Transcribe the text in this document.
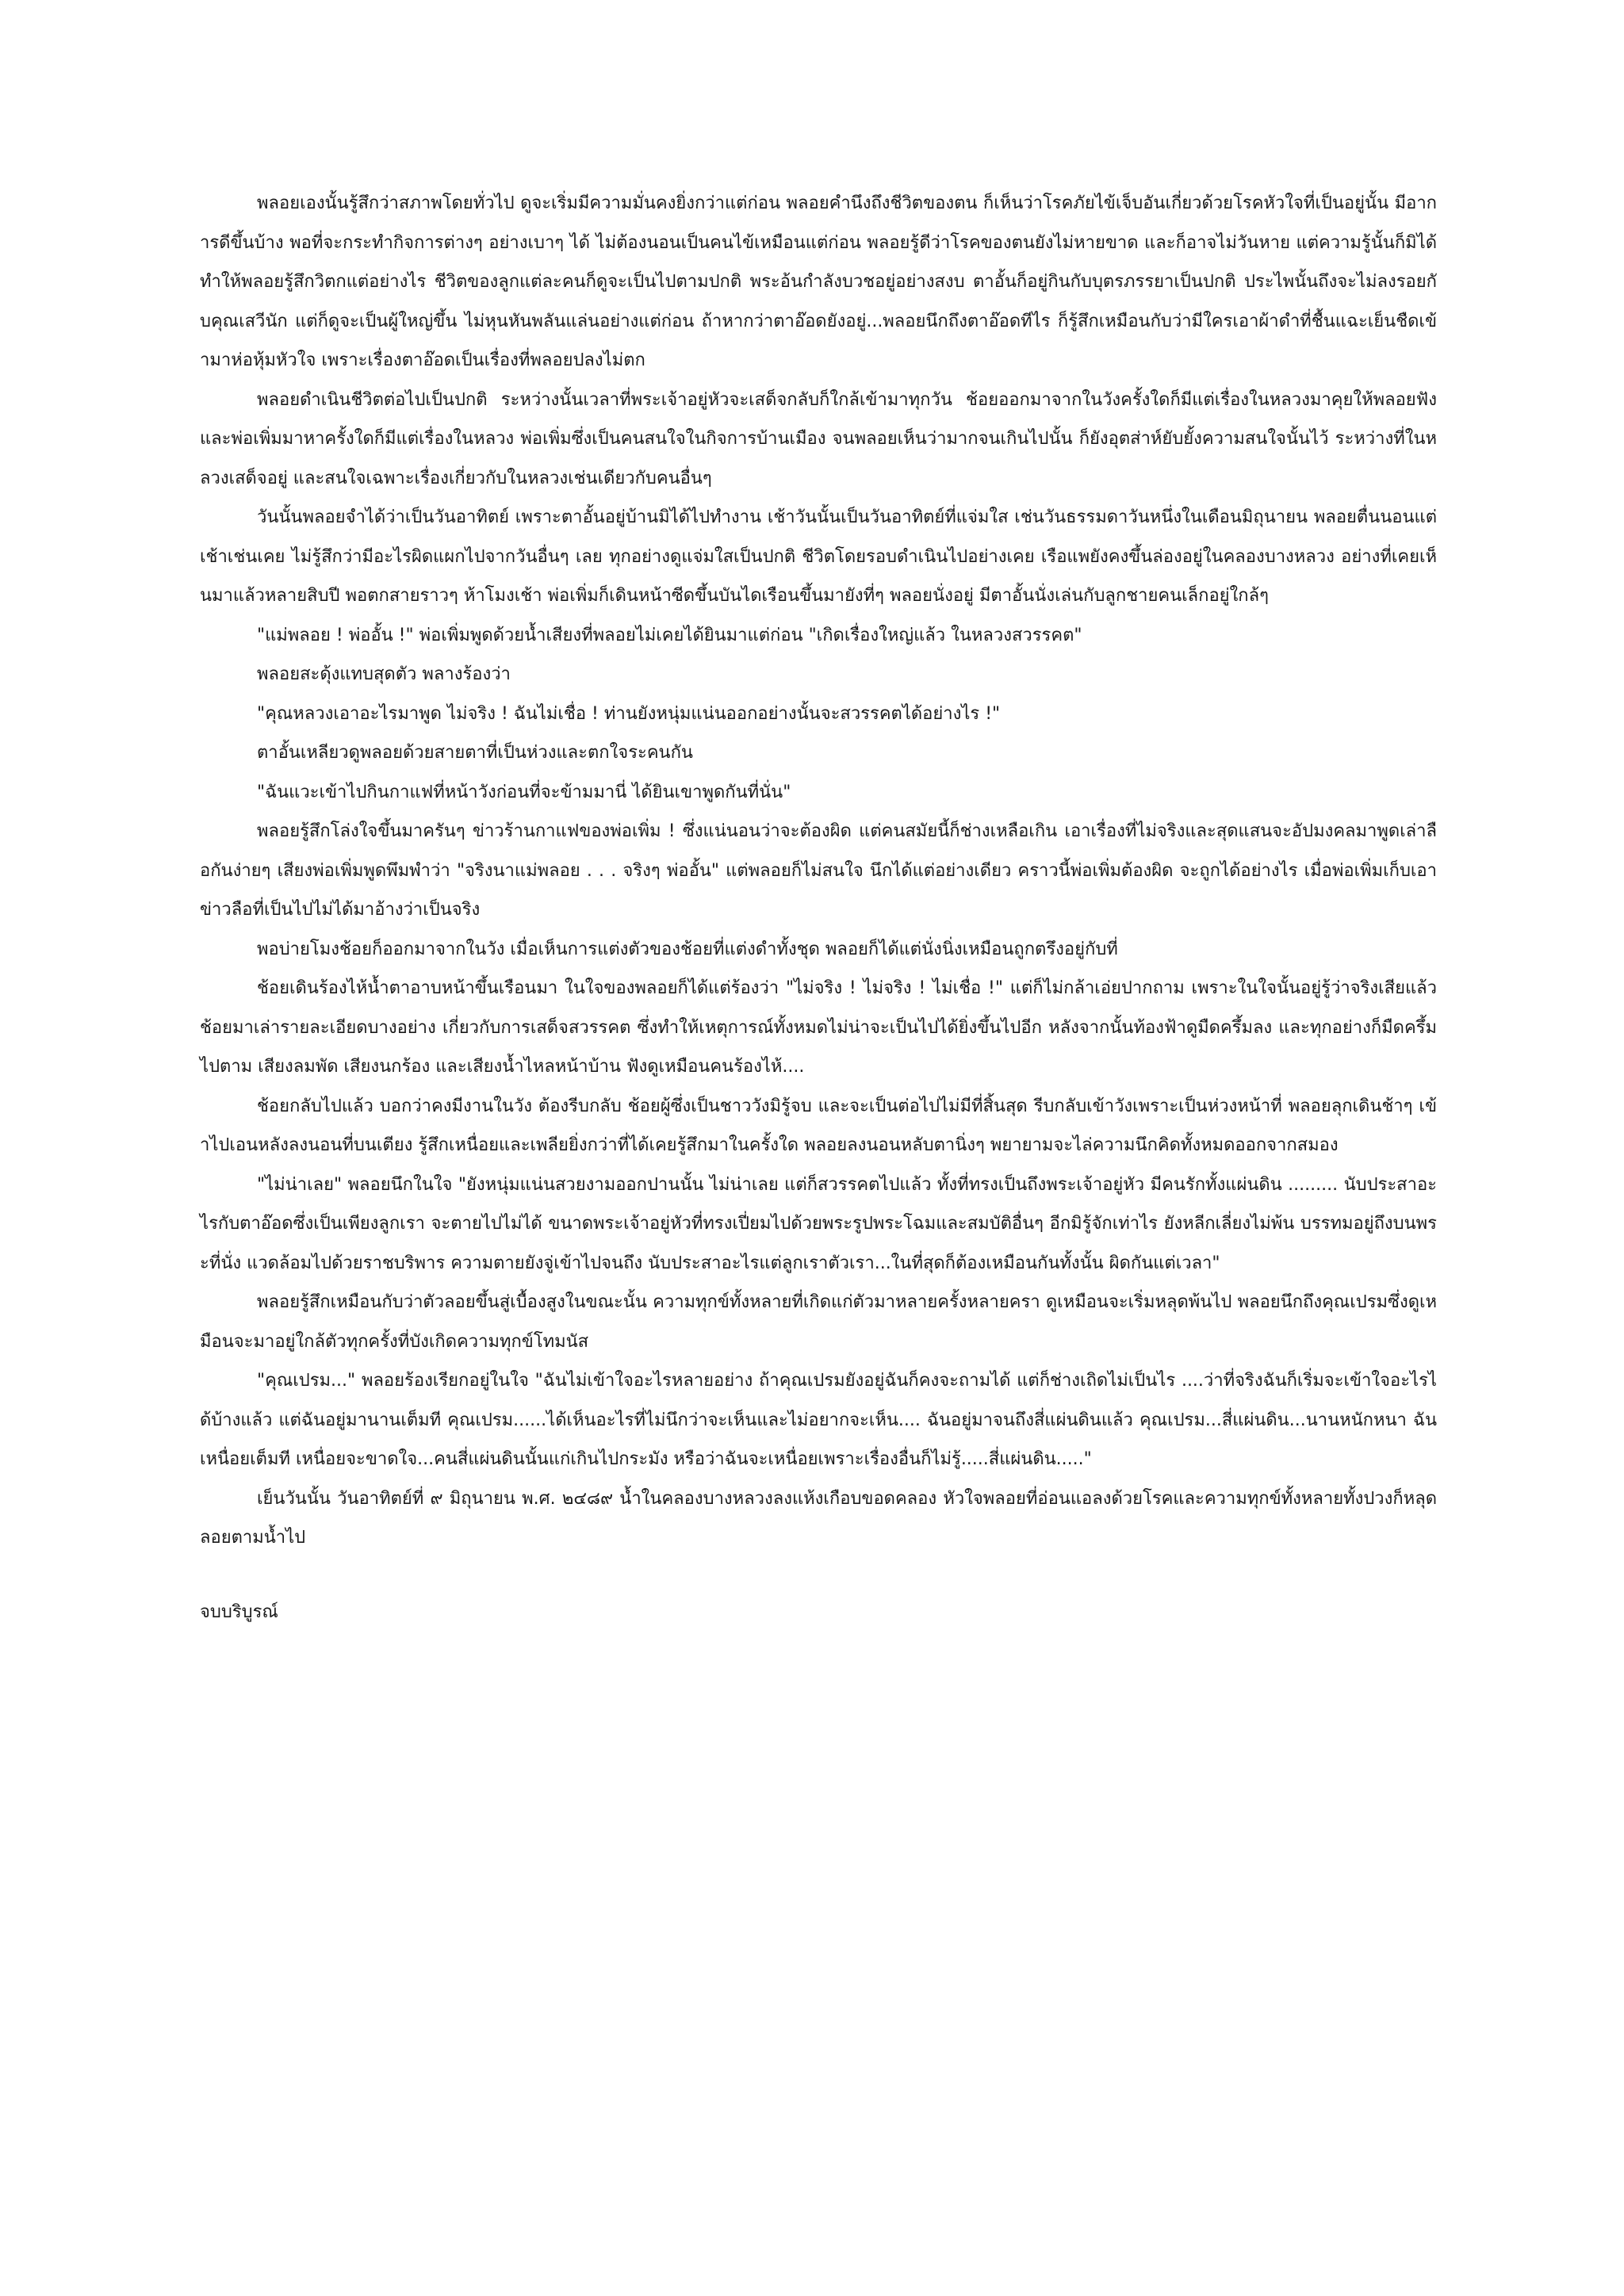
พลอยเองนั้นรู้สึกว่าสภาพโดยทั่วไป ดูจะเริ่มมีความมั่นคงยิ่งกว่าแต่ก่อน พลอยคำนึงถึงชีวิตของตน ก็เห็นว่าโรคภัยไข้เจ็บอันเกี่ยวด้วยโรคหัวใจที่เป็นอยู่นั้น มีอาการดีขึ้นบ้าง พอที่จะกระทำกิจการต่างๆ อย่างเบาๆ ได้ ไม่ต้องนอนเป็นคนไข้เหมือนแต่ก่อน พลอยรู้ดีว่าโรคของตนยังไม่หายขาด และก็อาจไม่วันหาย แต่ความรู้นั้นก็มิได้ทำให้พลอยรู้สึกวิตกแต่อย่างไร ชีวิตของลูกแต่ละคนก็ดูจะเป็นไปตามปกติ พระอ้นกำลังบวชอยู่อย่างสงบ ตาอั้นก็อยู่กินกับบุตรภรรยาเป็นปกติ ประไพนั้นถึงจะไม่ลงรอยกับคุณเสวีนัก แต่ก็ดูจะเป็นผู้ใหญ่ขึ้น ไม่หุนหันพลันแล่นอย่างแต่ก่อน ถ้าหากว่าตาอ๊อดยังอยู่...พลอยนึกถึงตาอ๊อดทีไร ก็รู้สึกเหมือนกับว่ามีใครเอาผ้าดำที่ชื้นแฉะเย็นชืดเข้ามาห่อหุ้มหัวใจ เพราะเรื่องตาอ๊อดเป็นเรื่องที่พลอยปลงไม่ตก

พลอยดำเนินชีวิตต่อไปเป็นปกติ ระหว่างนั้นเวลาที่พระเจ้าอยู่หัวจะเสด็จกลับก็ใกล้เข้ามาทุกวัน ช้อยออกมาจากในวังครั้งใดก็มีแต่เรื่องในหลวงมาคุยให้พลอยฟัง และพ่อเพิ่มมาหาครั้งใดก็มีแต่เรื่องในหลวง พ่อเพิ่มซึ่งเป็นคนสนใจในกิจการบ้านเมือง จนพลอยเห็นว่ามากจนเกินไปนั้น ก็ยังอุตส่าห์ยับยั้งความสนใจนั้นไว้ ระหว่างที่ในหลวงเสด็จอยู่ และสนใจเฉพาะเรื่องเกี่ยวกับในหลวงเช่นเดียวกับคนอื่นๆ

วันนั้นพลอยจำได้ว่าเป็นวันอาทิตย์ เพราะตาอั้นอยู่บ้านมิได้ไปทำงาน เช้าวันนั้นเป็นวันอาทิตย์ที่แจ่มใส เช่นวันธรรมดาวันหนึ่งในเดือนมิถุนายน พลอยตื่นนอนแต่เช้าเช่นเคย ไม่รู้สึกว่ามีอะไรผิดแผกไปจากวันอื่นๆ เลย ทุกอย่างดูแจ่มใสเป็นปกติ ชีวิตโดยรอบดำเนินไปอย่างเคย เรือแพยังคงขึ้นล่องอยู่ในคลองบางหลวง อย่างที่เคยเห็นมาแล้วหลายสิบปี พอตกสายราวๆ ห้าโมงเช้า พ่อเพิ่มก็เดินหน้าซีดขึ้นบันไดเรือนขึ้นมายังที่ๆ พลอยนั่งอยู่ มีตาอั้นนั่งเล่นกับลูกชายคนเล็กอยู่ใกล้ๆ

"แม่พลอย ! พ่ออั้น !" พ่อเพิ่มพูดด้วยน้ำเสียงที่พลอยไม่เคยได้ยินมาแต่ก่อน "เกิดเรื่องใหญ่แล้ว ในหลวงสวรรคต"

พลอยสะดุ้งแทบสุดตัว พลางร้องว่า

"คุณหลวงเอาอะไรมาพูด ไม่จริง ! ฉันไม่เชื่อ ! ท่านยังหนุ่มแน่นออกอย่างนั้นจะสวรรคตได้อย่างไร !"

ตาอั้นเหลียวดูพลอยด้วยสายตาที่เป็นห่วงและตกใจระคนกัน

"ฉันแวะเข้าไปกินกาแฟที่หน้าวังก่อนที่จะข้ามมานี่ ได้ยินเขาพูดกันที่นั่น"

พลอยรู้สึกโล่งใจขึ้นมาครันๆ ข่าวร้านกาแฟของพ่อเพิ่ม ! ซึ่งแน่นอนว่าจะต้องผิด แต่คนสมัยนี้ก็ช่างเหลือเกิน เอาเรื่องที่ไม่จริงและสุดแสนจะอัปมงคลมาพูดเล่าลือกันง่ายๆ เสียงพ่อเพิ่มพูดพึมพำว่า "จริงนาแม่พลอย . . . จริงๆ พ่ออั้น" แต่พลอยก็ไม่สนใจ นึกได้แต่อย่างเดียว คราวนี้พ่อเพิ่มต้องผิด จะถูกได้อย่างไร เมื่อพ่อเพิ่มเก็บเอาข่าวลือที่เป็นไปไม่ได้มาอ้างว่าเป็นจริง

พอบ่ายโมงช้อยก็ออกมาจากในวัง เมื่อเห็นการแต่งตัวของช้อยที่แต่งดำทั้งชุด พลอยก็ได้แต่นั่งนิ่งเหมือนถูกตรึงอยู่กับที่

ช้อยเดินร้องไห้น้ำตาอาบหน้าขึ้นเรือนมา ในใจของพลอยก็ได้แต่ร้องว่า "ไม่จริง ! ไม่จริง ! ไม่เชื่อ !" แต่ก็ไม่กล้าเอ่ยปากถาม เพราะในใจนั้นอยู่รู้ว่าจริงเสียแล้ว ช้อยมาเล่ารายละเอียดบางอย่าง เกี่ยวกับการเสด็จสวรรคต ซึ่งทำให้เหตุการณ์ทั้งหมดไม่น่าจะเป็นไปได้ยิ่งขึ้นไปอีก หลังจากนั้นท้องฟ้าดูมืดครึ้มลง และทุกอย่างก็มืดครึ้มไปตาม เสียงลมพัด เสียงนกร้อง และเสียงน้ำไหลหน้าบ้าน ฟังดูเหมือนคนร้องไห้....

ช้อยกลับไปแล้ว บอกว่าคงมีงานในวัง ต้องรีบกลับ ช้อยผู้ซึ่งเป็นชาววังมิรู้จบ และจะเป็นต่อไปไม่มีที่สิ้นสุด รีบกลับเข้าวังเพราะเป็นห่วงหน้าที่ พลอยลุกเดินช้าๆ เข้าไปเอนหลังลงนอนที่บนเตียง รู้สึกเหนื่อยและเพลียยิ่งกว่าที่ได้เคยรู้สึกมาในครั้งใด พลอยลงนอนหลับตานิ่งๆ พยายามจะไล่ความนึกคิดทั้งหมดออกจากสมอง

"ไม่น่าเลย" พลอยนึกในใจ "ยังหนุ่มแน่นสวยงามออกปานนั้น ไม่น่าเลย แต่ก็สวรรคตไปแล้ว ทั้งที่ทรงเป็นถึงพระเจ้าอยู่หัว มีคนรักทั้งแผ่นดิน ......... นับประสาอะไรกับตาอ๊อดซึ่งเป็นเพียงลูกเรา จะตายไปไม่ได้ ขนาดพระเจ้าอยู่หัวที่ทรงเปี่ยมไปด้วยพระรูปพระโฉมและสมบัติอื่นๆ อีกมิรู้จักเท่าไร ยังหลีกเลี่ยงไม่พ้น บรรทมอยู่ถึงบนพระที่นั่ง แวดล้อมไปด้วยราชบริพาร ความตายยังจู่เข้าไปจนถึง นับประสาอะไรแต่ลูกเราตัวเรา...ในที่สุดก็ต้องเหมือนกันทั้งนั้น ผิดกันแต่เวลา"

พลอยรู้สึกเหมือนกับว่าตัวลอยขึ้นสู่เบื้องสูงในขณะนั้น ความทุกข์ทั้งหลายที่เกิดแก่ตัวมาหลายครั้งหลายครา ดูเหมือนจะเริ่มหลุดพ้นไป พลอยนึกถึงคุณเปรมซึ่งดูเหมือนจะมาอยู่ใกล้ตัวทุกครั้งที่บังเกิดความทุกข์โทมนัส

"คุณเปรม..." พลอยร้องเรียกอยู่ในใจ "ฉันไม่เข้าใจอะไรหลายอย่าง ถ้าคุณเปรมยังอยู่ฉันก็คงจะถามได้ แต่ก็ช่างเถิดไม่เป็นไร ....ว่าที่จริงฉันก็เริ่มจะเข้าใจอะไรได้บ้างแล้ว แต่ฉันอยู่มานานเต็มที คุณเปรม......ได้เห็นอะไรที่ไม่นึกว่าจะเห็นและไม่อยากจะเห็น.... ฉันอยู่มาจนถึงสี่แผ่นดินแล้ว คุณเปรม...สี่แผ่นดิน...นานหนักหนา ฉันเหนื่อยเต็มที เหนื่อยจะขาดใจ...คนสี่แผ่นดินนั้นแก่เกินไปกระมัง หรือว่าฉันจะเหนื่อยเพราะเรื่องอื่นก็ไม่รู้.....สี่แผ่นดิน....."

เย็นวันนั้น วันอาทิตย์ที่ ๙ มิถุนายน พ.ศ. ๒๔๘๙ น้ำในคลองบางหลวงลงแห้งเกือบขอดคลอง หัวใจพลอยที่อ่อนแอลงด้วยโรคและความทุกข์ทั้งหลายทั้งปวงก็หลุดลอยตามน้ำไป

จบบริบูรณ์
